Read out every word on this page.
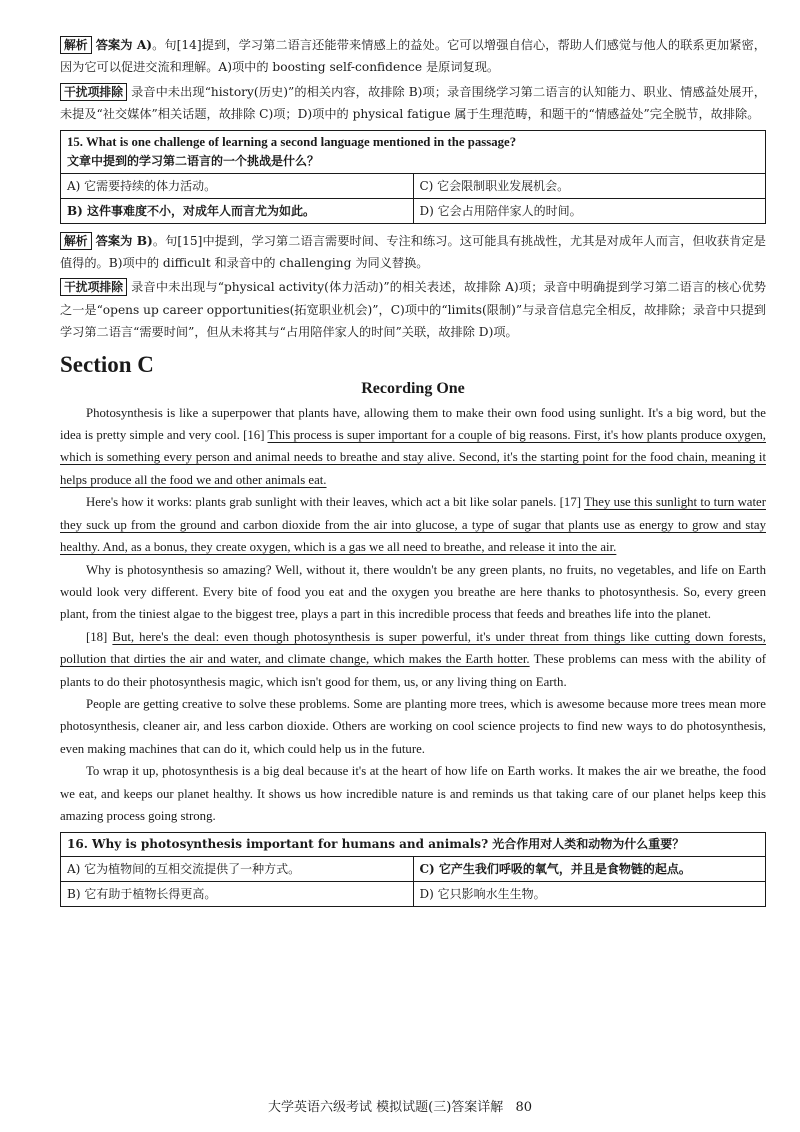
解析 答案为 A)。句[14]提到，学习第二语言还能带来情感上的益处。它可以增强自信心，帮助人们感觉与他人的联系更加紧密，因为它可以促进交流和理解。A)项中的 boosting self-confidence 是原词复现。

干扰项排除 录音中未出现“history(历史)”的相关内容，故排除 B)项；录音围绕学习第二语言的认知能力、职业、情感益处展开，未提及“社交媒体”相关话题，故排除 C)项；D)项中的 physical fatigue 属于生理范畴，和题干的“情感益处”完全脱节，故排除。

15. What is one challenge of learning a second language mentioned in the passage?
文章中提到的学习第二语言的一个挑战是什么？	

A) 它需要持续的体力活动。	C) 它会限制职业发展机会。
B) 这件事难度不小，对成年人而言尤为如此。	D) 它会占用陪伴家人的时间。

解析 答案为 B)。句[15]中提到，学习第二语言需要时间、专注和练习。这可能具有挑战性，尤其是对成年人而言，但收获肯定是值得的。B)项中的 difficult 和录音中的 challenging 为同义替换。

干扰项排除 录音中未出现与“physical activity(体力活动)”的相关表述，故排除 A)项；录音中明确提到学习第二语言的核心优势之一是“opens up career opportunities(拓宽职业机会)”，C)项中的“limits(限制)”与录音信息完全相反，故排除；录音中只提到学习第二语言“需要时间”，但从未将其与“占用陪伴家人的时间”关联，故排除 D)项。

Section C
Recording One

Photosynthesis is like a superpower that plants have, allowing them to make their own food using sunlight. It's a big word, but the idea is pretty simple and very cool. [16] This process is super important for a couple of big reasons. First, it's how plants produce oxygen, which is something every person and animal needs to breathe and stay alive. Second, it's the starting point for the food chain, meaning it helps produce all the food we and other animals eat.

Here's how it works: plants grab sunlight with their leaves, which act a bit like solar panels. [17] They use this sunlight to turn water they suck up from the ground and carbon dioxide from the air into glucose, a type of sugar that plants use as energy to grow and stay healthy. And, as a bonus, they create oxygen, which is a gas we all need to breathe, and release it into the air.

Why is photosynthesis so amazing? Well, without it, there wouldn't be any green plants, no fruits, no vegetables, and life on Earth would look very different. Every bite of food you eat and the oxygen you breathe are here thanks to photosynthesis. So, every green plant, from the tiniest algae to the biggest tree, plays a part in this incredible process that feeds and breathes life into the planet.

[18] But, here's the deal: even though photosynthesis is super powerful, it's under threat from things like cutting down forests, pollution that dirties the air and water, and climate change, which makes the Earth hotter. These problems can mess with the ability of plants to do their photosynthesis magic, which isn't good for them, us, or any living thing on Earth.

People are getting creative to solve these problems. Some are planting more trees, which is awesome because more trees mean more photosynthesis, cleaner air, and less carbon dioxide. Others are working on cool science projects to find new ways to do photosynthesis, even making machines that can do it, which could help us in the future.

To wrap it up, photosynthesis is a big deal because it's at the heart of how life on Earth works. It makes the air we breathe, the food we eat, and keeps our planet healthy. It shows us how incredible nature is and reminds us that taking care of our planet helps keep this amazing process going strong.

16. Why is photosynthesis important for humans and animals? 光合作用对人类和动物为什么重要？	
A) 它为植物间的互相交流提供了一种方式。	C) 它产生我们呼吸的氧气，并且是食物链的起点。
B) 它有助于植物长得更高。	D) 它只影响水生生物。
大学英语六级考试 模拟试题(三)答案详解 80
